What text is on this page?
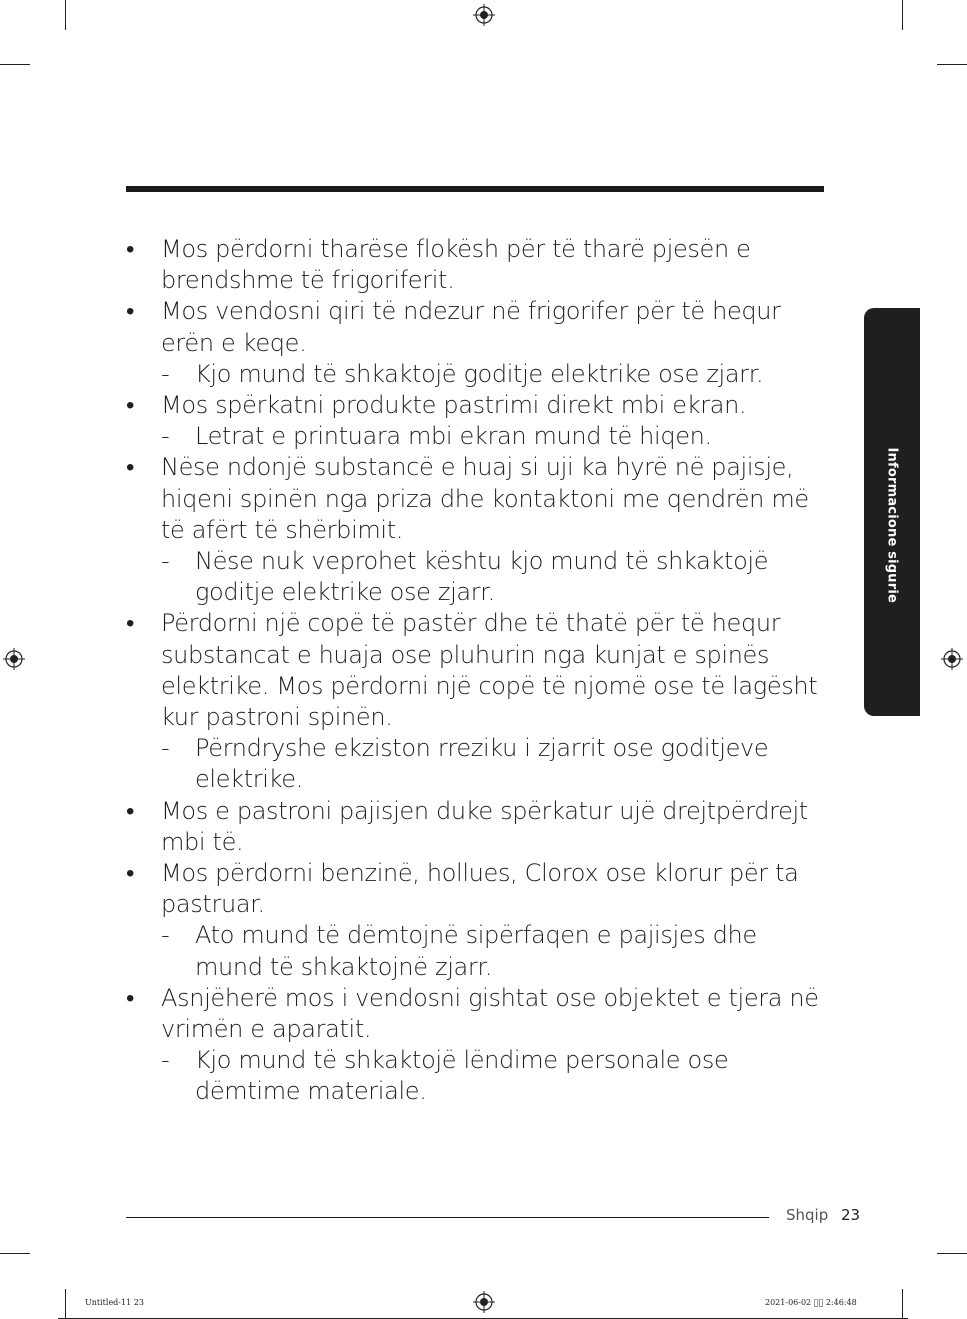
• Mos përdorni tharëse flokësh për të tharë pjesën e brendshme të frigoriferit.
• Mos vendosni qiri të ndezur në frigorifer për të hequr erën e keqe.
- Kjo mund të shkaktojë goditje elektrike ose zjarr.
• Mos spërkatni produkte pastrimi direkt mbi ekran.
- Letrat e printuara mbi ekran mund të hiqen.
• Nëse ndonjë substancë e huaj si uji ka hyrë në pajisje, hiqeni spinën nga priza dhe kontaktoni me qendrën më të afërt të shërbimit.
- Nëse nuk veprohet kështu kjo mund të shkaktojë goditje elektrike ose zjarr.
• Përdorni një copë të pastër dhe të thatë për të hequr substancat e huaja ose pluhurin nga kunjat e spinës elektrike. Mos përdorni një copë të njomë ose të lagësht kur pastroni spinën.
- Përndryshe ekziston rreziku i zjarrit ose goditjeve elektrike.
• Mos e pastroni pajisjen duke spërkatur ujë drejtpërdrejt mbi të.
• Mos përdorni benzinë, hollues, Clorox ose klorur për ta pastruar.
- Ato mund të dëmtojnë sipërfaqen e pajisjes dhe mund të shkaktojnë zjarr.
• Asnjëherë mos i vendosni gishtat ose objektet e tjera në vrimën e aparatit.
- Kjo mund të shkaktojë lëndime personale ose dëmtime materiale.
Informacione sigurie
Shqip 23
Untitled-11 23	2021-06-02 ￿￿ 2:46:48
